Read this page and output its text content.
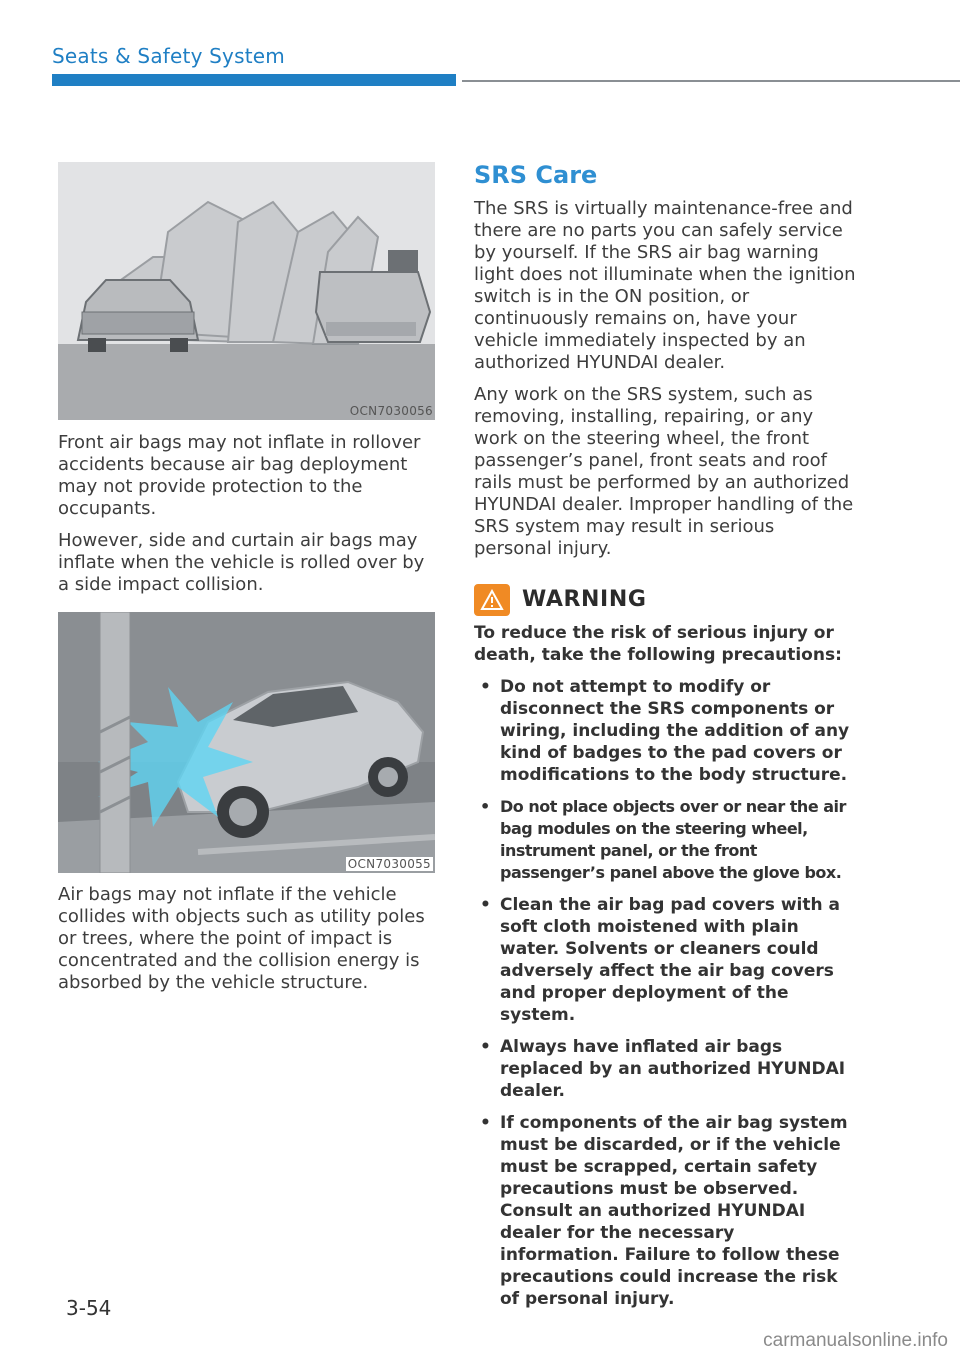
Seats & Safety System
OCN7030056

Front air bags may not inflate in rollover accidents because air bag deployment may not provide protection to the occupants.

However, side and curtain air bags may inflate when the vehicle is rolled over by a side impact collision.

OCN7030055

Air bags may not inflate if the vehicle collides with objects such as utility poles or trees, where the point of impact is concentrated and the collision energy is absorbed by the vehicle structure.

SRS Care

The SRS is virtually maintenance-free and there are no parts you can safely service by yourself. If the SRS air bag warning light does not illuminate when the ignition switch is in the ON position, or continuously remains on, have your vehicle immediately inspected by an authorized HYUNDAI dealer.

Any work on the SRS system, such as removing, installing, repairing, or any work on the steering wheel, the front passenger’s panel, front seats and roof rails must be performed by an authorized HYUNDAI dealer. Improper handling of the SRS system may result in serious personal injury.

WARNING

To reduce the risk of serious injury or death, take the following precautions:

• Do not attempt to modify or disconnect the SRS components or wiring, including the addition of any kind of badges to the pad covers or modifications to the body structure.
• Do not place objects over or near the air bag modules on the steering wheel, instrument panel, or the front passenger’s panel above the glove box.
• Clean the air bag pad covers with a soft cloth moistened with plain water. Solvents or cleaners could adversely affect the air bag covers and proper deployment of the system.
• Always have inflated air bags replaced by an authorized HYUNDAI dealer.
• If components of the air bag system must be discarded, or if the vehicle must be scrapped, certain safety precautions must be observed. Consult an authorized HYUNDAI dealer for the necessary information. Failure to follow these precautions could increase the risk of personal injury.
3-54
carmanualsonline.info
